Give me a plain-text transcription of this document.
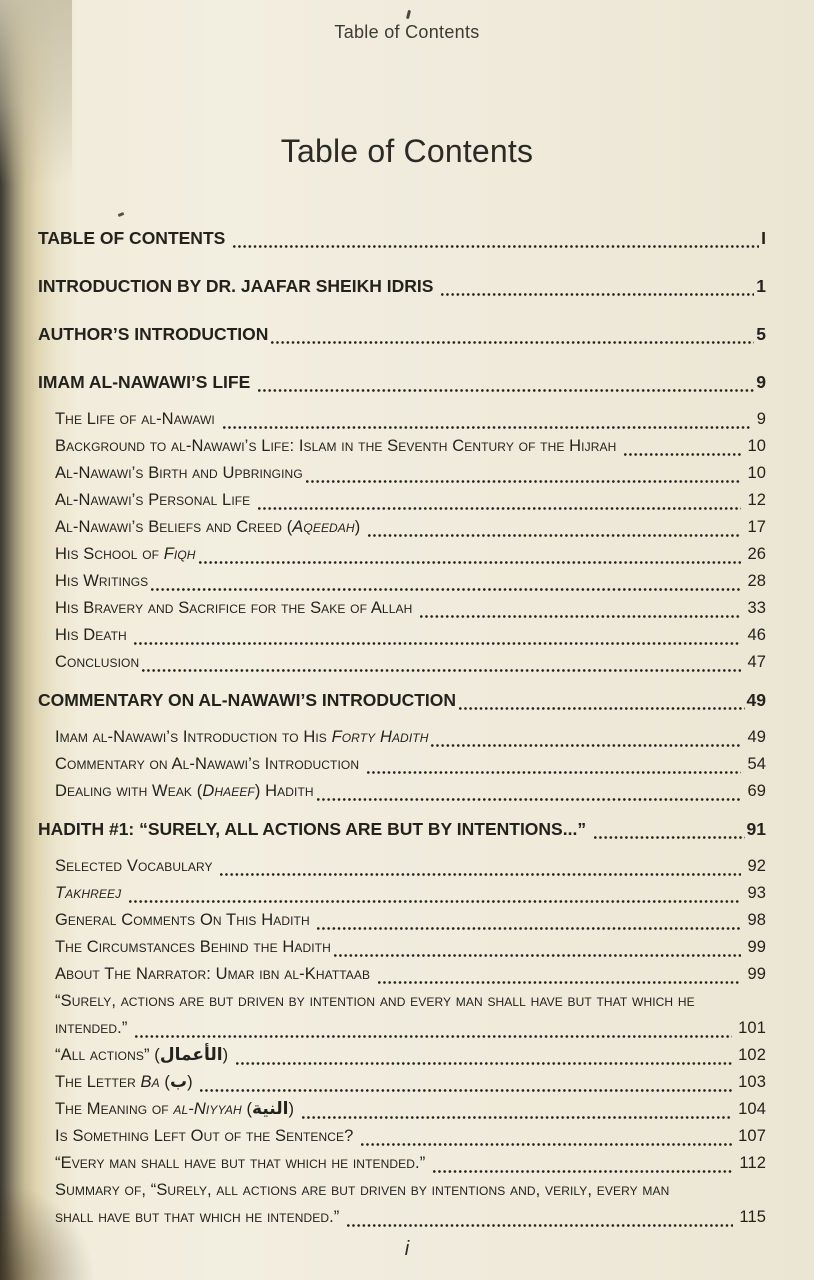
Table of Contents
Table of Contents
TABLE OF CONTENTS	I
INTRODUCTION BY DR. JAAFAR SHEIKH IDRIS	1
AUTHOR’S INTRODUCTION	5
IMAM AL-NAWAWI’S LIFE	9
The Life of al-Nawawi	9
Background to al-Nawawi’s Life: Islam in the Seventh Century of the Hijrah	10
Al-Nawawi’s Birth and Upbringing	10
Al-Nawawi’s Personal Life	12
Al-Nawawi’s Beliefs and Creed (Aqeedah)	17
His School of Fiqh	26
His Writings	28
His Bravery and Sacrifice for the Sake of Allah	33
His Death	46
Conclusion	47
COMMENTARY ON AL-NAWAWI’S INTRODUCTION	49
Imam al-Nawawi’s Introduction to His Forty Hadith	49
Commentary on Al-Nawawi’s Introduction	54
Dealing with Weak (Dhaeef) Hadith	69
HADITH #1: “SURELY, ALL ACTIONS ARE BUT BY INTENTIONS...”	91
Selected Vocabulary	92
Takhreej	93
General Comments On This Hadith	98
The Circumstances Behind the Hadith	99
About The Narrator: Umar ibn al-Khattaab	99
“Surely, actions are but driven by intention and every man shall have but that which he
intended.”	101
“All actions” (الأعمال)	102
The Letter Ba (ب)	103
The Meaning of al-Niyyah (النية)	104
Is Something Left Out of the Sentence?	107
“Every man shall have but that which he intended.”	112
Summary of, “Surely, all actions are but driven by intentions and, verily, every man
shall have but that which he intended.”	115
i
